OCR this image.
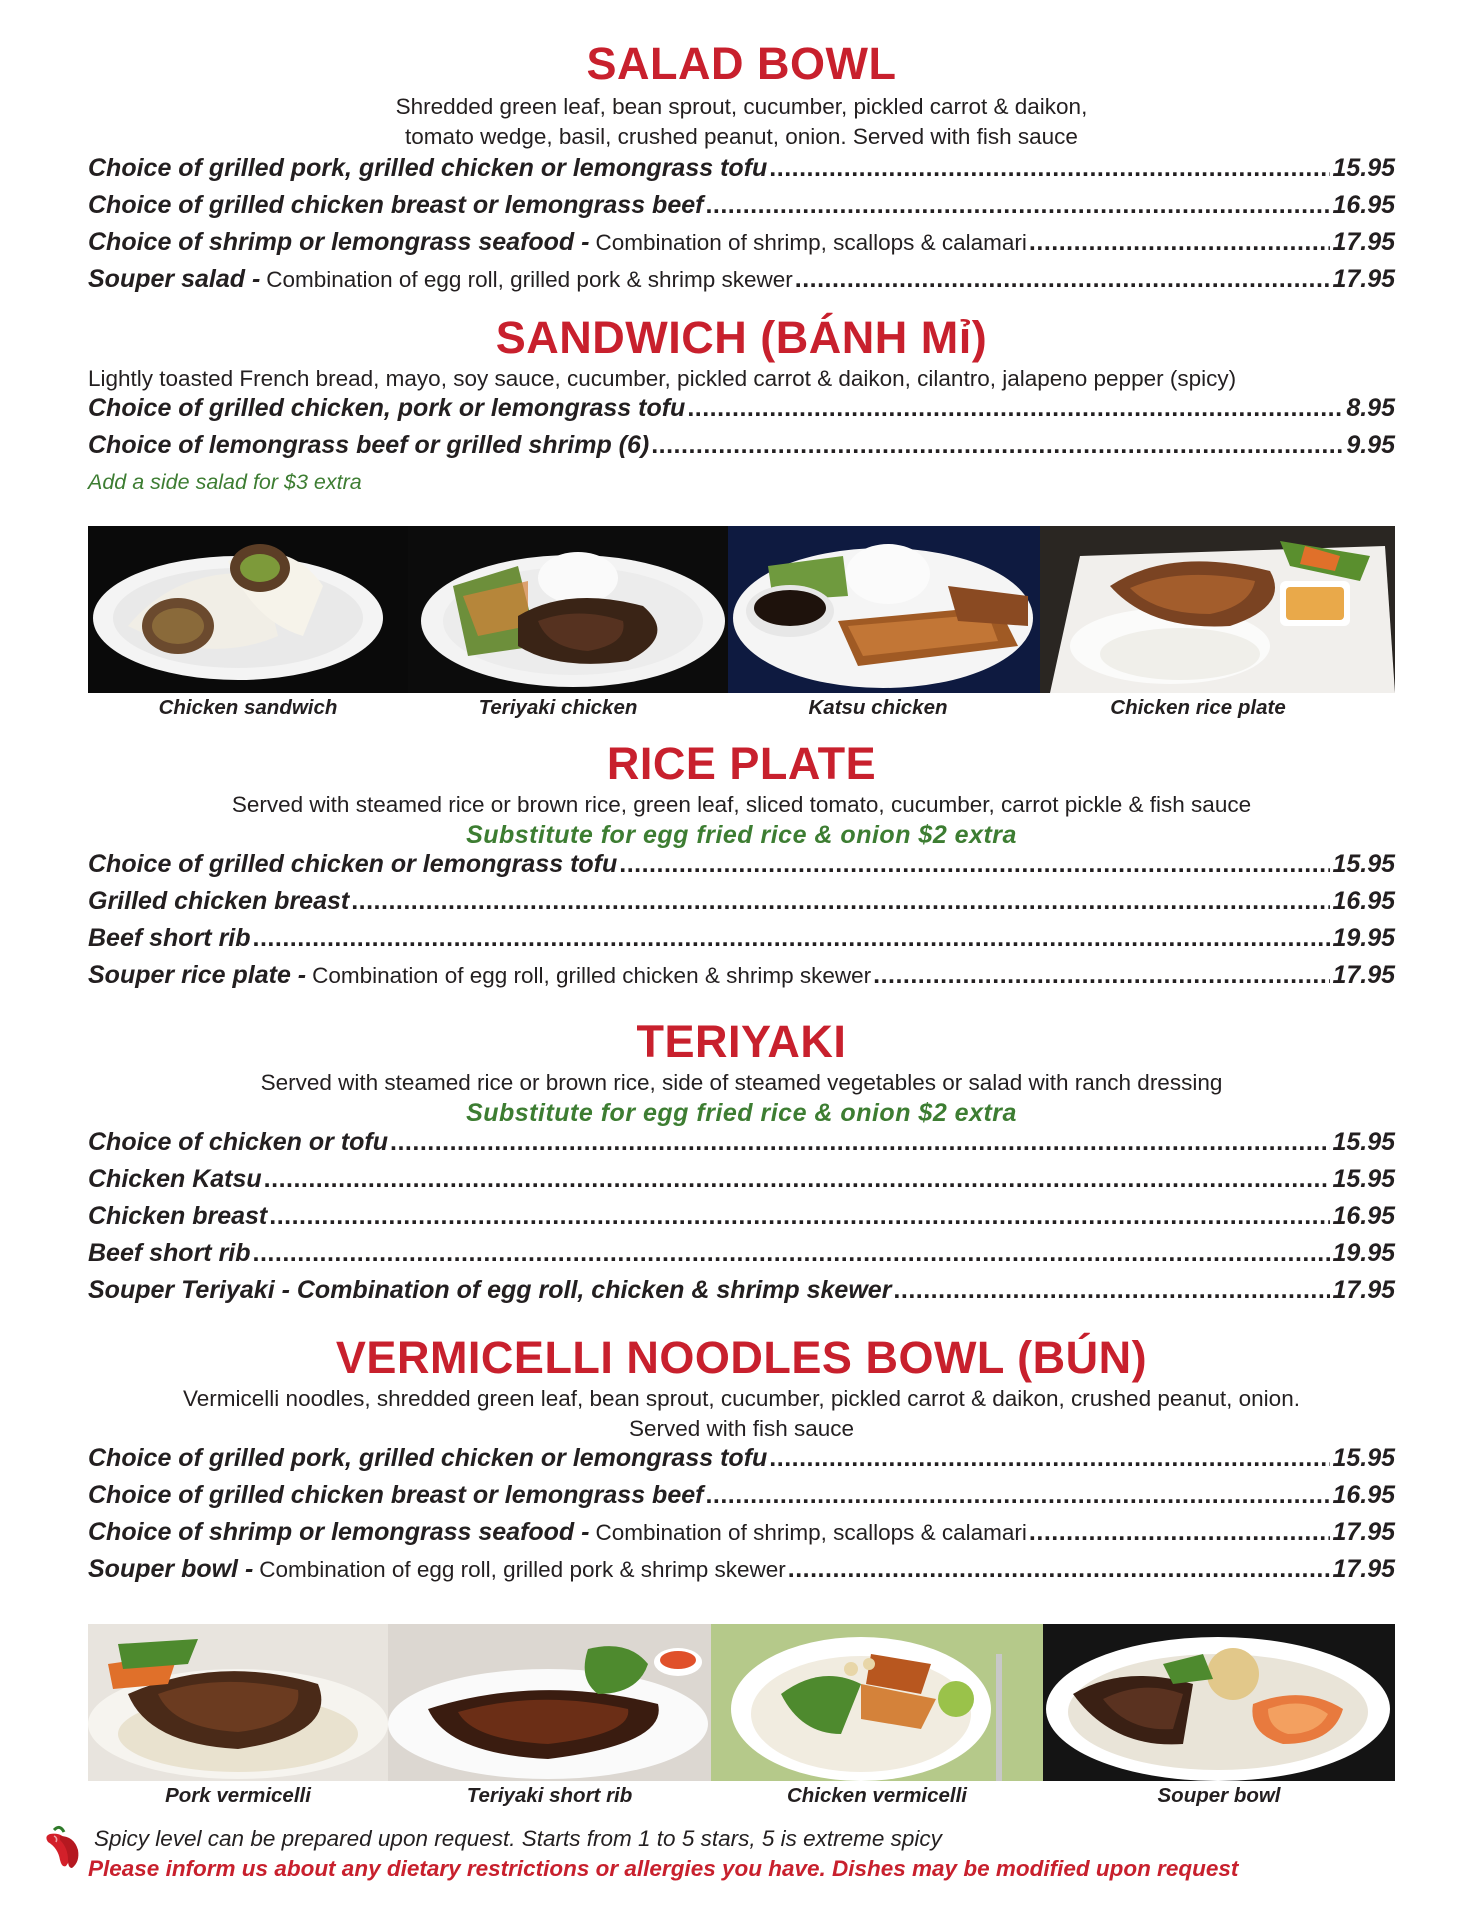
SALAD BOWL
Shredded green leaf, bean sprout, cucumber, pickled carrot & daikon,
tomato wedge, basil, crushed peanut, onion. Served with fish sauce
Choice of grilled pork, grilled chicken or lemongrass tofu .....	15.95
Choice of grilled chicken breast or lemongrass beef .....	16.95
Choice of shrimp or lemongrass seafood - Combination of shrimp, scallops & calamari .....	17.95
Souper salad - Combination of egg roll, grilled pork & shrimp skewer .....	17.95
SANDWICH (BÁNH Mỉ)
Lightly toasted French bread, mayo, soy sauce, cucumber, pickled carrot & daikon, cilantro, jalapeno pepper (spicy)
Choice of grilled chicken, pork or lemongrass tofu .....	8.95
Choice of lemongrass beef or grilled shrimp (6) .....	9.95
Add a side salad for $3 extra
Chicken sandwich	Teriyaki chicken	Katsu chicken	Chicken rice plate
RICE PLATE
Served with steamed rice or brown rice, green leaf, sliced tomato, cucumber, carrot pickle & fish sauce
Substitute for egg fried rice & onion $2 extra
Choice of grilled chicken or lemongrass tofu .....	15.95
Grilled chicken breast .....	16.95
Beef short rib .....	19.95
Souper rice plate - Combination of egg roll, grilled chicken & shrimp skewer .....	17.95
TERIYAKI
Served with steamed rice or brown rice, side of steamed vegetables or salad with ranch dressing
Substitute for egg fried rice & onion $2 extra
Choice of chicken or tofu .....	15.95
Chicken Katsu .....	15.95
Chicken breast .....	16.95
Beef short rib .....	19.95
Souper Teriyaki - Combination of egg roll, chicken & shrimp skewer .....	17.95
VERMICELLI NOODLES BOWL (BÚN)
Vermicelli noodles, shredded green leaf, bean sprout, cucumber, pickled carrot & daikon, crushed peanut, onion.
Served with fish sauce
Choice of grilled pork, grilled chicken or lemongrass tofu .....	15.95
Choice of grilled chicken breast or lemongrass beef .....	16.95
Choice of shrimp or lemongrass seafood - Combination of shrimp, scallops & calamari .....	17.95
Souper bowl - Combination of egg roll, grilled pork & shrimp skewer .....	17.95
Pork vermicelli	Teriyaki short rib	Chicken vermicelli	Souper bowl
Spicy level can be prepared upon request. Starts from 1 to 5 stars, 5 is extreme spicy
Please inform us about any dietary restrictions or allergies you have. Dishes may be modified upon request
